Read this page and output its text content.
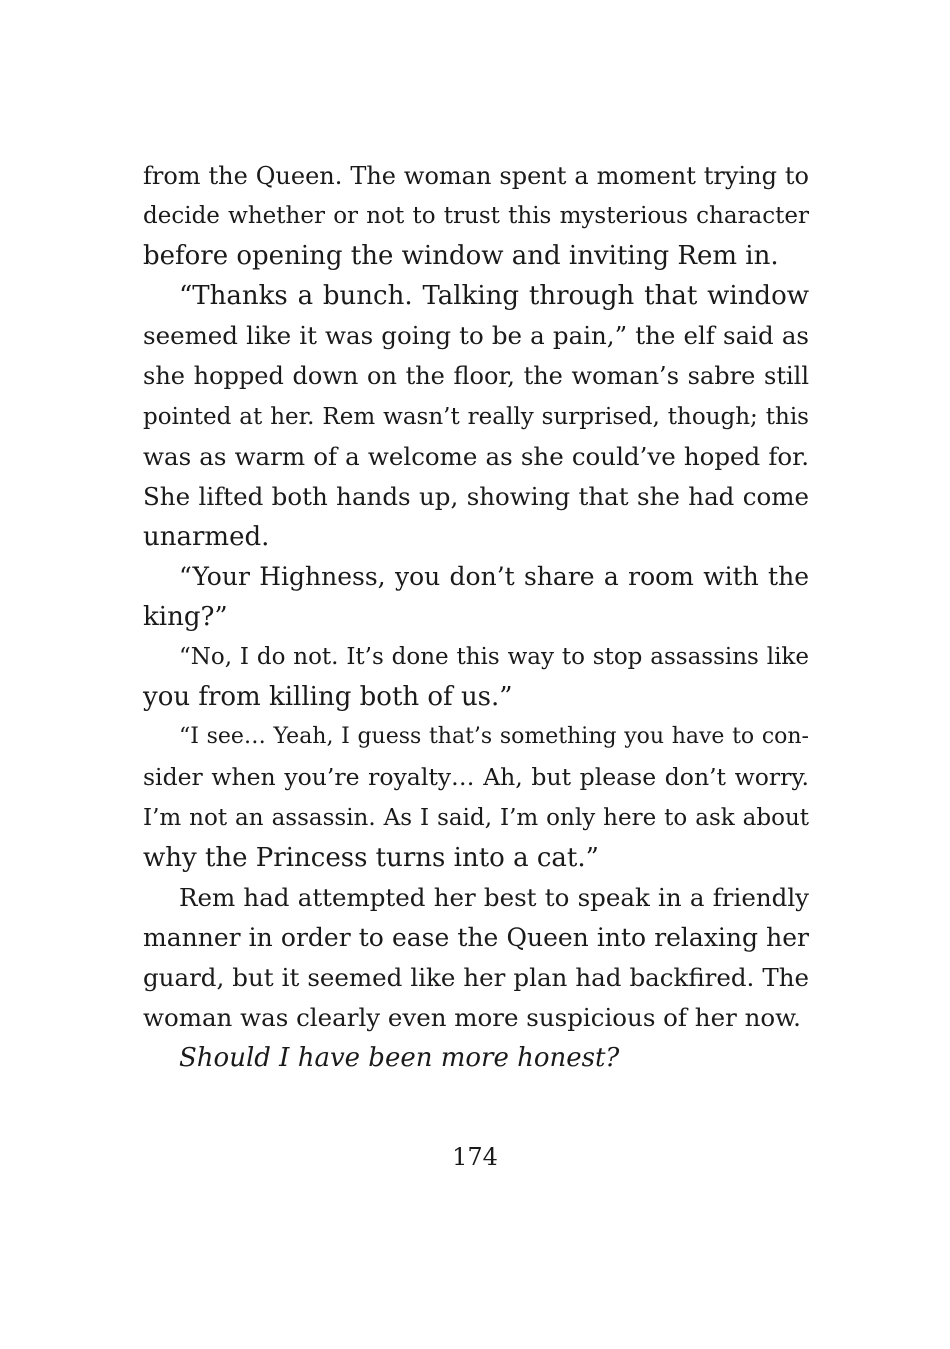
from the Queen. The woman spent a moment trying to
decide whether or not to trust this mysterious character
before opening the window and inviting Rem in.
“Thanks a bunch. Talking through that window
seemed like it was going to be a pain,” the elf said as
she hopped down on the floor, the woman’s sabre still
pointed at her. Rem wasn’t really surprised, though; this
was as warm of a welcome as she could’ve hoped for.
She lifted both hands up, showing that she had come
unarmed.
“Your Highness, you don’t share a room with the
king?”
“No, I do not. It’s done this way to stop assassins like
you from killing both of us.”
“I see… Yeah, I guess that’s something you have to con-
sider when you’re royalty… Ah, but please don’t worry.
I’m not an assassin. As I said, I’m only here to ask about
why the Princess turns into a cat.”
Rem had attempted her best to speak in a friendly
manner in order to ease the Queen into relaxing her
guard, but it seemed like her plan had backfired. The
woman was clearly even more suspicious of her now.
Should I have been more honest?
174
